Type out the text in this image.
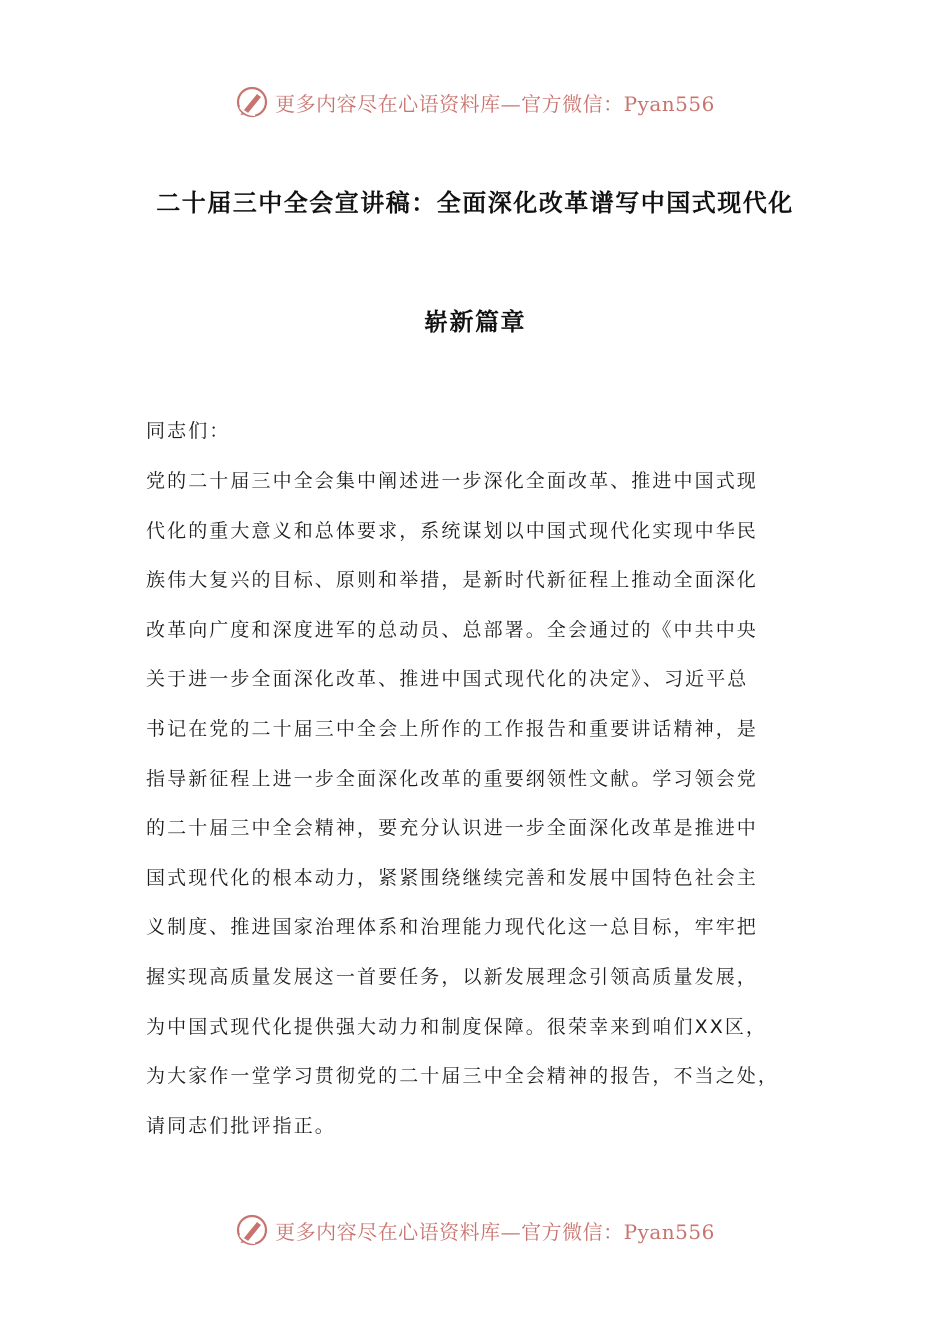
更多内容尽在心语资料库—官方微信：Pyan556
二十届三中全会宣讲稿：全面深化改革谱写中国式现代化
崭新篇章
同志们：
党的二十届三中全会集中阐述进一步深化全面改革、推进中国式现
代化的重大意义和总体要求，系统谋划以中国式现代化实现中华民
族伟大复兴的目标、原则和举措，是新时代新征程上推动全面深化
改革向广度和深度进军的总动员、总部署。全会通过的《中共中央
关于进一步全面深化改革、推进中国式现代化的决定》、习近平总
书记在党的二十届三中全会上所作的工作报告和重要讲话精神，是
指导新征程上进一步全面深化改革的重要纲领性文献。学习领会党
的二十届三中全会精神，要充分认识进一步全面深化改革是推进中
国式现代化的根本动力，紧紧围绕继续完善和发展中国特色社会主
义制度、推进国家治理体系和治理能力现代化这一总目标，牢牢把
握实现高质量发展这一首要任务，以新发展理念引领高质量发展，
为中国式现代化提供强大动力和制度保障。很荣幸来到咱们XX区，
为大家作一堂学习贯彻党的二十届三中全会精神的报告，不当之处，
请同志们批评指正。
更多内容尽在心语资料库—官方微信：Pyan556
